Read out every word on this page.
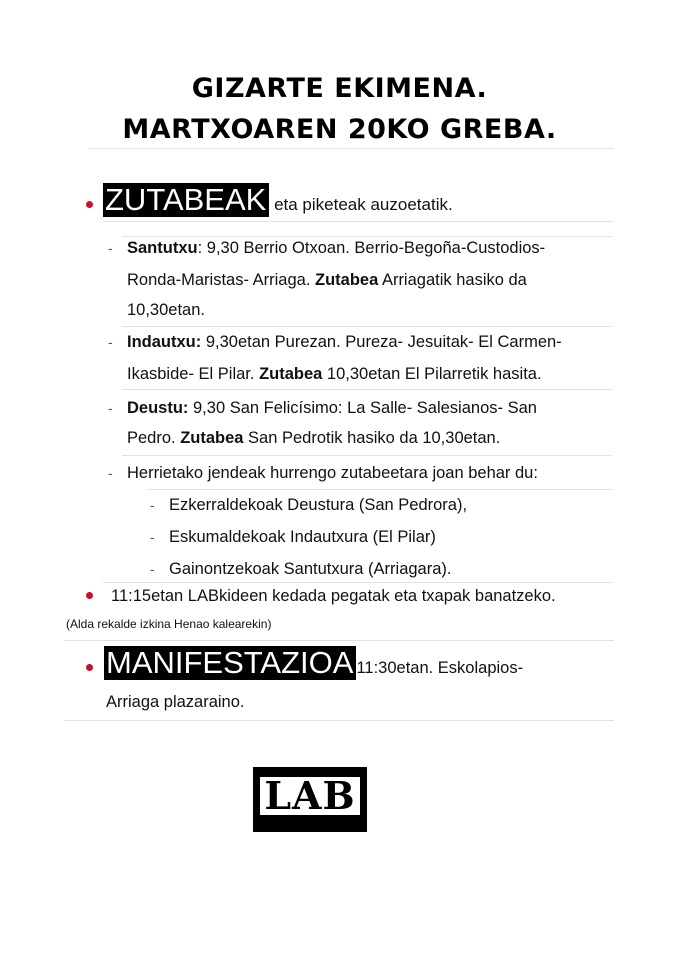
GIZARTE EKIMENA.
MARTXOAREN 20KO GREBA.
ZUTABEAK eta piketeak auzoetatik.
- Santutxu: 9,30 Berrio Otxoan. Berrio-Begoña-Custodios-
Ronda-Maristas- Arriaga. Zutabea Arriagatik hasiko da
10,30etan.
- Indautxu: 9,30etan Purezan. Pureza- Jesuitak- El Carmen-
Ikasbide- El Pilar. Zutabea 10,30etan El Pilarretik hasita.
- Deustu: 9,30 San Felicísimo: La Salle- Salesianos- San
Pedro. Zutabea San Pedrotik hasiko da 10,30etan.
- Herrietako jendeak hurrengo zutabeetara joan behar du:
- Ezkerraldekoak Deustura (San Pedrora),
- Eskumaldekoak Indautxura (El Pilar)
- Gainontzekoak Santutxura (Arriagara).
11:15etan LABkideen kedada pegatak eta txapak banatzeko.
(Alda rekalde izkina Henao kalearekin)
MANIFESTAZIOA 11:30etan. Eskolapios-
Arriaga plazaraino.
LAB
